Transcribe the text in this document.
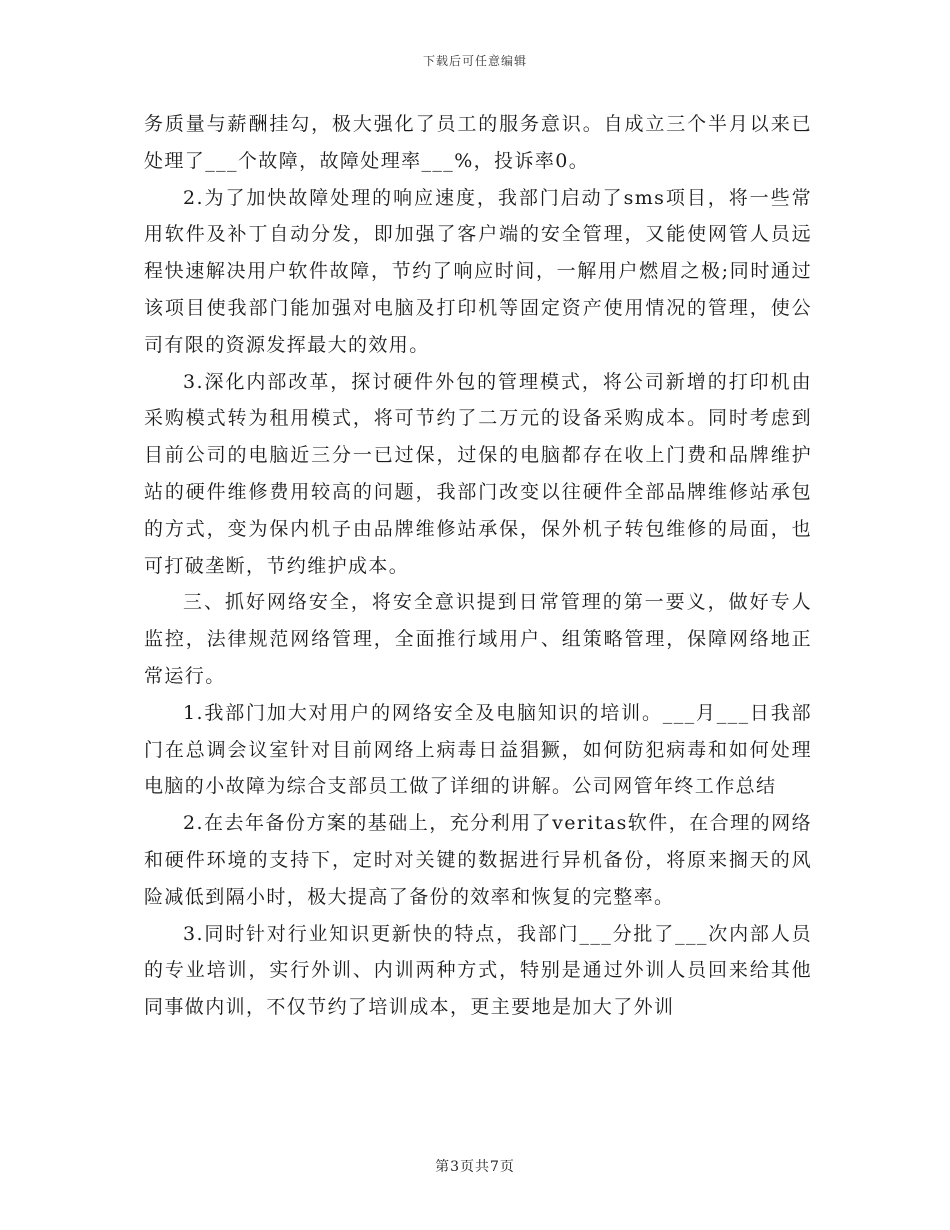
下载后可任意编辑

务质量与薪酬挂勾，极大强化了员工的服务意识。自成立三个半月以来已处理了___个故障，故障处理率___%，投诉率0。

2.为了加快故障处理的响应速度，我部门启动了sms项目，将一些常用软件及补丁自动分发，即加强了客户端的安全管理，又能使网管人员远程快速解决用户软件故障，节约了响应时间，一解用户燃眉之极;同时通过该项目使我部门能加强对电脑及打印机等固定资产使用情况的管理，使公司有限的资源发挥最大的效用。

3.深化内部改革，探讨硬件外包的管理模式，将公司新增的打印机由采购模式转为租用模式，将可节约了二万元的设备采购成本。同时考虑到目前公司的电脑近三分一已过保，过保的电脑都存在收上门费和品牌维护站的硬件维修费用较高的问题，我部门改变以往硬件全部品牌维修站承包的方式，变为保内机子由品牌维修站承保，保外机子转包维修的局面，也可打破垄断，节约维护成本。

三、抓好网络安全，将安全意识提到日常管理的第一要义，做好专人监控，法律规范网络管理，全面推行域用户、组策略管理，保障网络地正常运行。

1.我部门加大对用户的网络安全及电脑知识的培训。___月___日我部门在总调会议室针对目前网络上病毒日益猖獗，如何防犯病毒和如何处理电脑的小故障为综合支部员工做了详细的讲解。公司网管年终工作总结

2.在去年备份方案的基础上，充分利用了veritas软件，在合理的网络和硬件环境的支持下，定时对关键的数据进行异机备份，将原来搁天的风险减低到隔小时，极大提高了备份的效率和恢复的完整率。

3.同时针对行业知识更新快的特点，我部门___分批了___次内部人员的专业培训，实行外训、内训两种方式，特别是通过外训人员回来给其他同事做内训，不仅节约了培训成本，更主要地是加大了外训

第3页共7页
